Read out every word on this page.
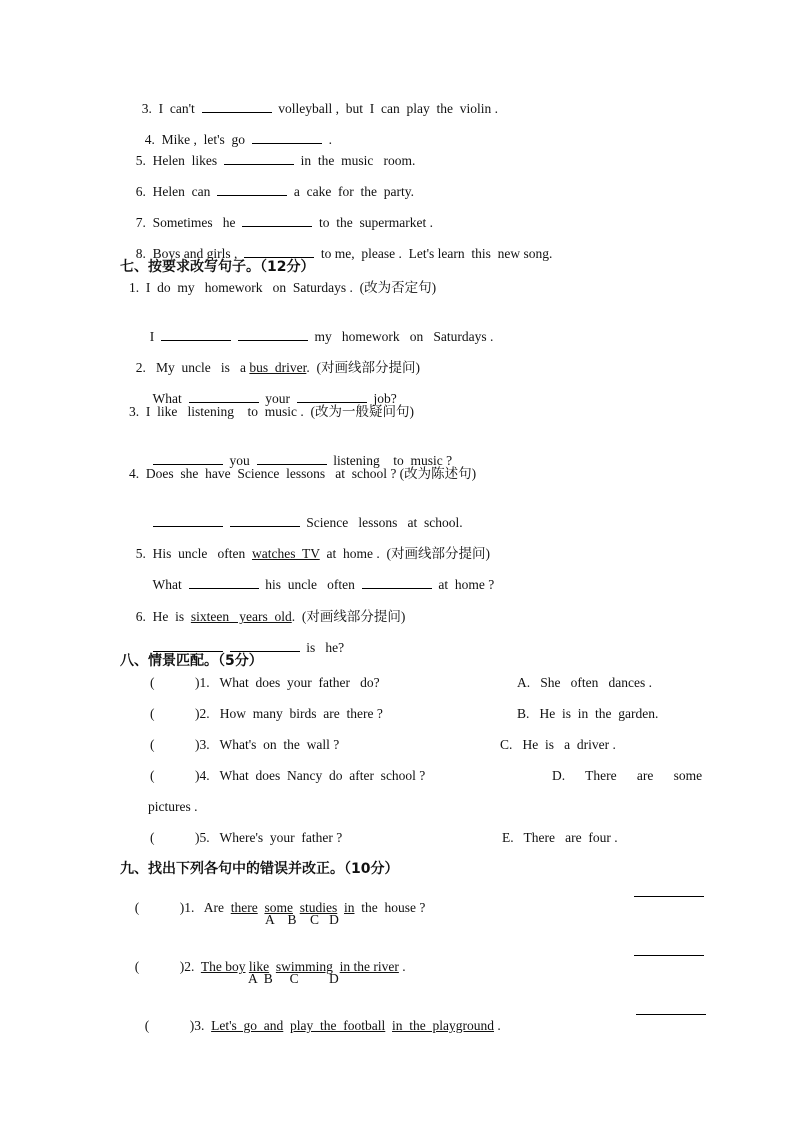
3. I  can't	volleyball ,  but  I  can  play  the  violin .

4. Mike ,  let's  go	.

5. Helen  likes	in  the  music   room.

6. Helen  can	a  cake  for  the  party.

7. Sometimes   he	to  the  supermarket .

8. Boys and girls ,	to me,  please .  Let's learn  this  new song.

七、按要求改写句子。（12分）
1.  I  do  my   homework   on  Saturdays .  (改为否定句)

I	my   homework   on   Saturdays .

2.   My  uncle   is   a bus  driver.  (对画线部分提问)

What	your	job?

3.  I  like   listening    to  music .  (改为一般疑问句)

you	listening    to  music ?

4.  Does  she  have  Science  lessons   at  school ? (改为陈述句)

Science   lessons   at  school.

5.  His  uncle   often  watches  TV  at  home .  (对画线部分提问)

What	his  uncle   often	at  home ?

6.  He  is  sixteen   years  old.  (对画线部分提问)

is   he?

八、情景匹配。（5分）
(            )1.   What  does  your  father   do?	A.   She   often   dances .
(            )2.   How  many  birds  are  there ?	B.   He  is  in  the  garden.
(            )3.   What's  on  the  wall ?	C.   He  is   a  driver .
(            )4.   What  does  Nancy  do  after  school ?	D.      There      are      some
pictures .
(            )5.   Where's  your  father ?	E.   There   are  four .
九、找出下列各句中的错误并改正。（10分）

(            )1.   Are  there some studies in  the  house ?

A    B    C   D

(            )2.  The boy like swimming in the river .

A  B     C         D

(            )3.  Let's  go  and play  the  football in  the  playground .
